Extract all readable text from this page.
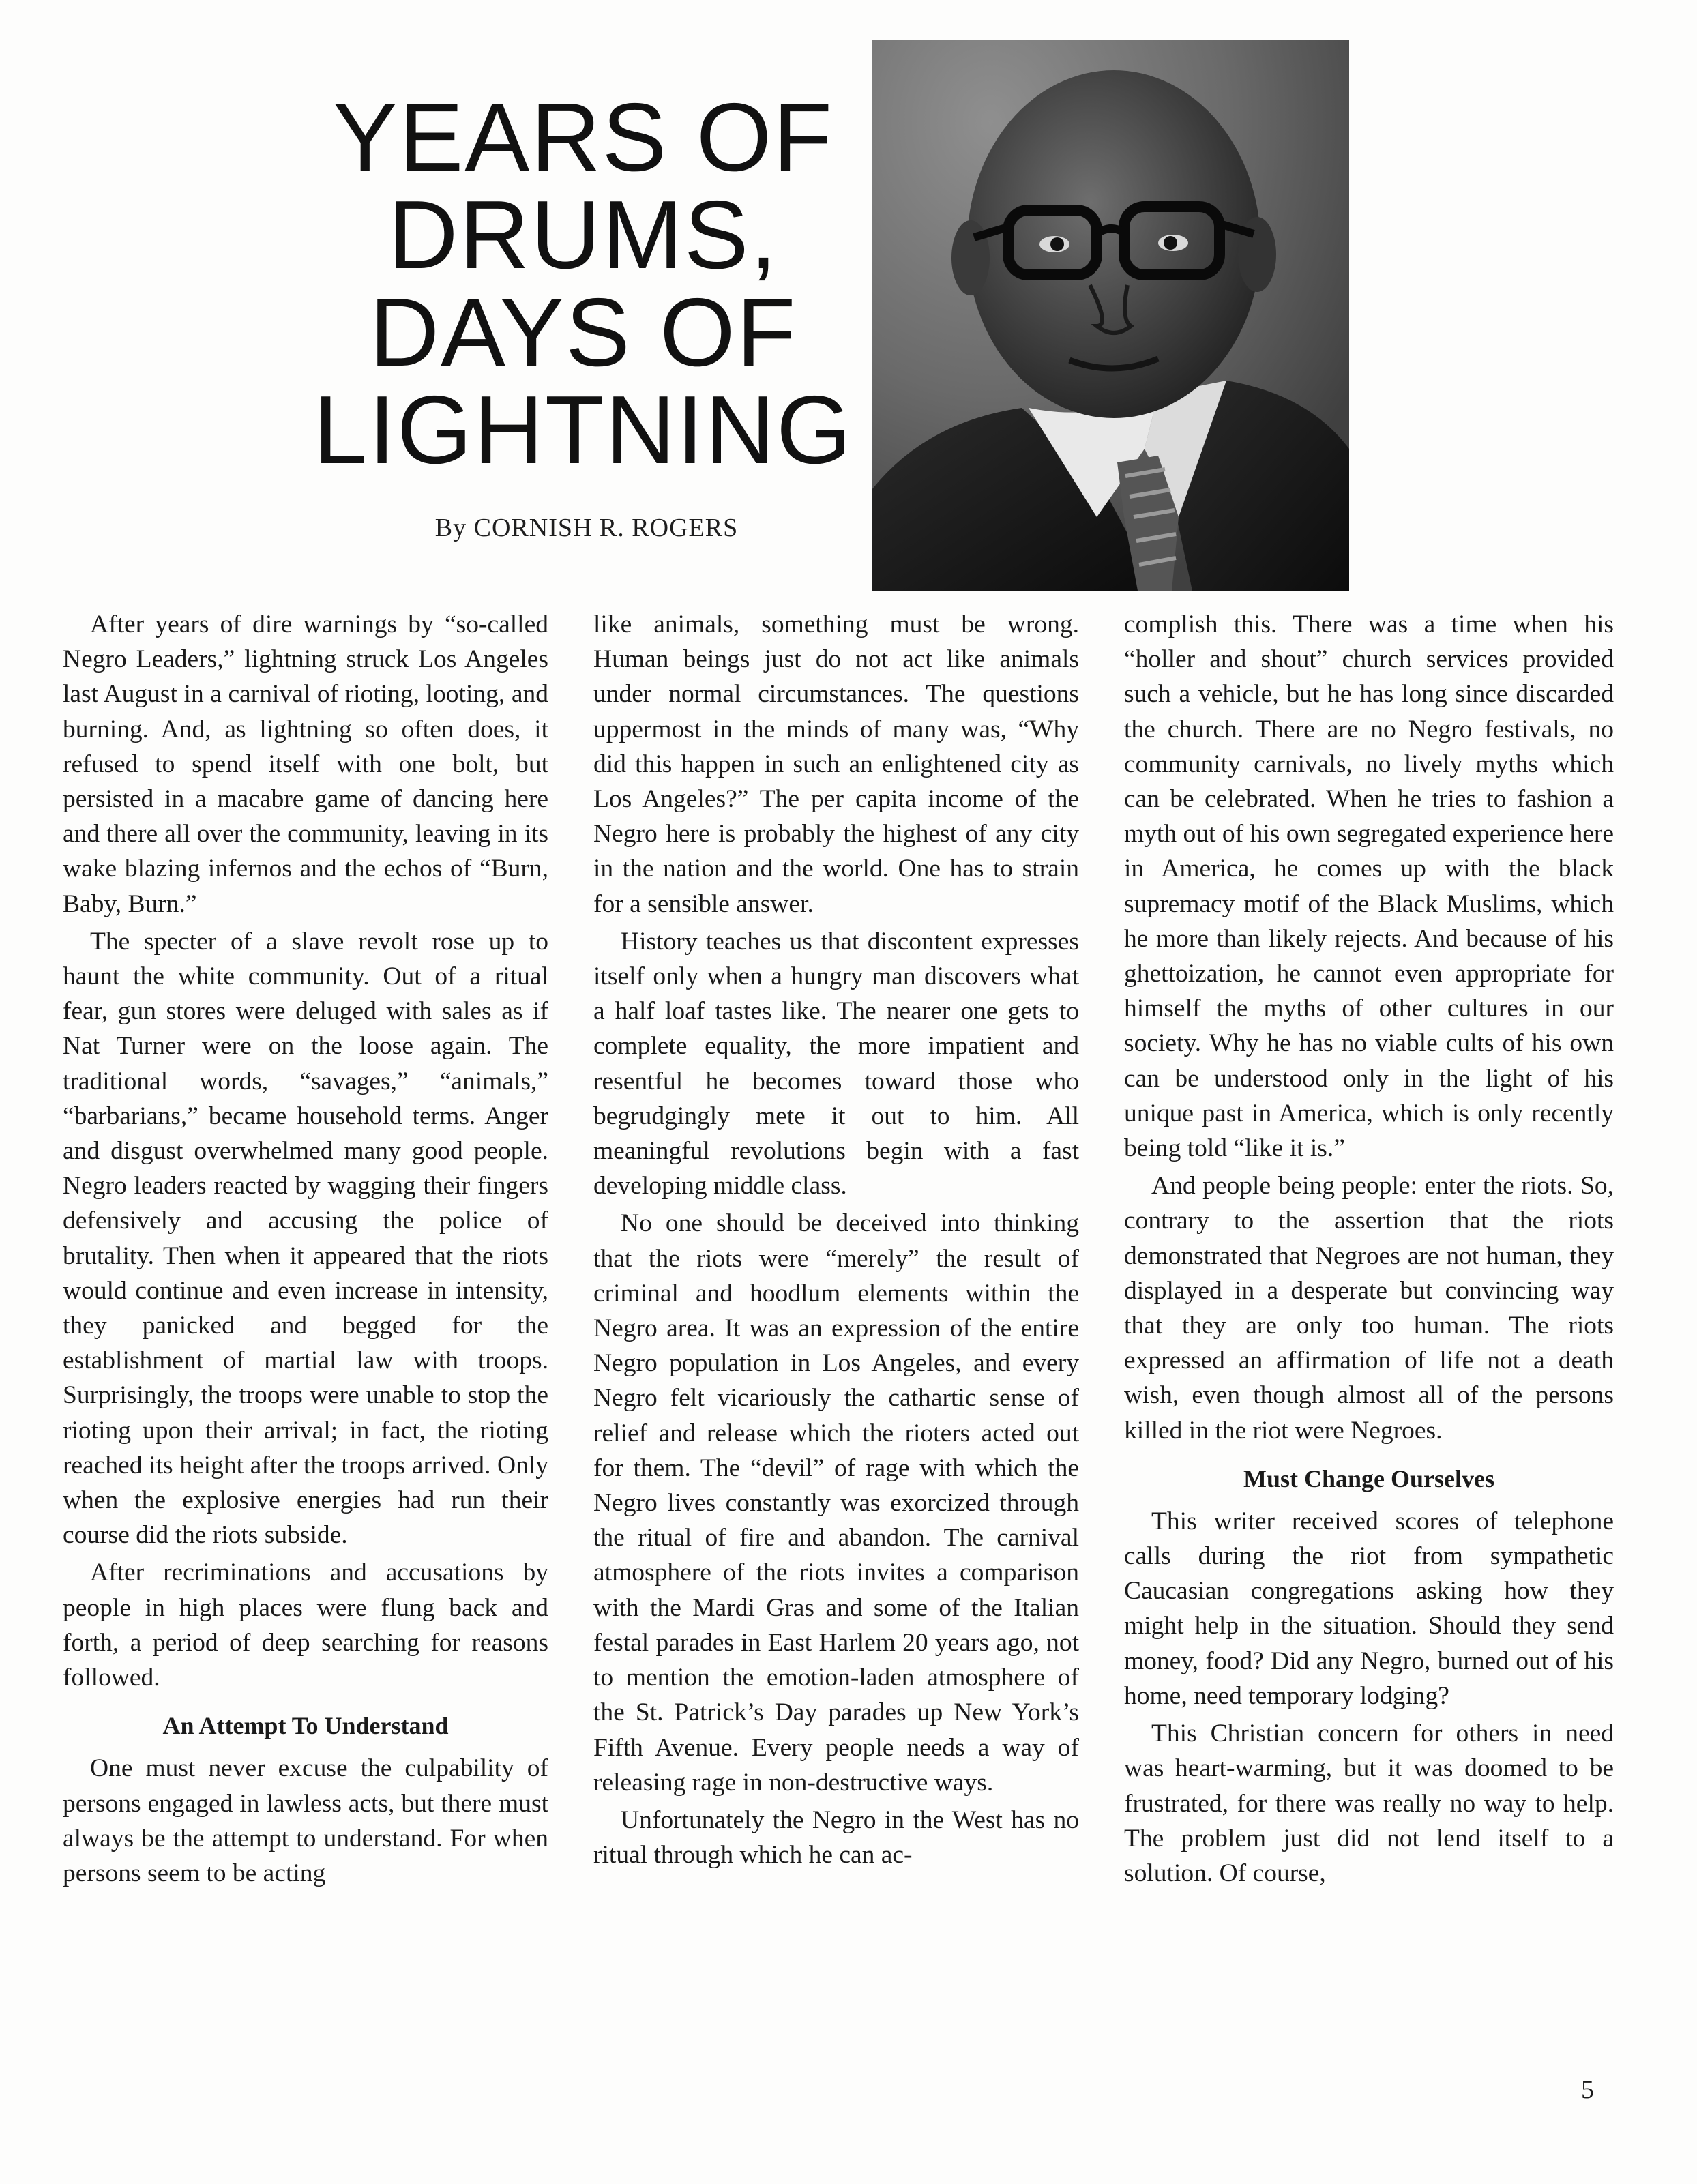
YEARS OF
DRUMS,
DAYS OF
LIGHTNING
By CORNISH R. ROGERS

After years of dire warnings by “so-called Negro Leaders,” lightning struck Los Angeles last August in a carnival of rioting, looting, and burning. And, as lightning so often does, it refused to spend itself with one bolt, but persisted in a macabre game of dancing here and there all over the community, leaving in its wake blazing infernos and the echos of “Burn, Baby, Burn.”

The specter of a slave revolt rose up to haunt the white community. Out of a ritual fear, gun stores were deluged with sales as if Nat Turner were on the loose again. The traditional words, “savages,” “animals,” “barbarians,” became household terms. Anger and disgust overwhelmed many good people. Negro leaders reacted by wagging their fingers defensively and accusing the police of brutality. Then when it appeared that the riots would continue and even increase in intensity, they panicked and begged for the establishment of martial law with troops. Surprisingly, the troops were unable to stop the rioting upon their arrival; in fact, the rioting reached its height after the troops arrived. Only when the explosive energies had run their course did the riots subside.

After recriminations and accusations by people in high places were flung back and forth, a period of deep searching for reasons followed.

An Attempt To Understand

One must never excuse the culpability of persons engaged in lawless acts, but there must always be the attempt to understand. For when persons seem to be acting

like animals, something must be wrong. Human beings just do not act like animals under normal circumstances. The questions uppermost in the minds of many was, “Why did this happen in such an enlightened city as Los Angeles?” The per capita income of the Negro here is probably the highest of any city in the nation and the world. One has to strain for a sensible answer.

History teaches us that discontent expresses itself only when a hungry man discovers what a half loaf tastes like. The nearer one gets to complete equality, the more impatient and resentful he becomes toward those who begrudgingly mete it out to him. All meaningful revolutions begin with a fast developing middle class.

No one should be deceived into thinking that the riots were “merely” the result of criminal and hoodlum elements within the Negro area. It was an expression of the entire Negro population in Los Angeles, and every Negro felt vicariously the cathartic sense of relief and release which the rioters acted out for them. The “devil” of rage with which the Negro lives constantly was exorcized through the ritual of fire and abandon. The carnival atmosphere of the riots invites a comparison with the Mardi Gras and some of the Italian festal parades in East Harlem 20 years ago, not to mention the emotion-laden atmosphere of the St. Patrick’s Day parades up New York’s Fifth Avenue. Every people needs a way of releasing rage in non-destructive ways.

Unfortunately the Negro in the West has no ritual through which he can ac-

complish this. There was a time when his “holler and shout” church services provided such a vehicle, but he has long since discarded the church. There are no Negro festivals, no community carnivals, no lively myths which can be celebrated. When he tries to fashion a myth out of his own segregated experience here in America, he comes up with the black supremacy motif of the Black Muslims, which he more than likely rejects. And because of his ghettoization, he cannot even appropriate for himself the myths of other cultures in our society. Why he has no viable cults of his own can be understood only in the light of his unique past in America, which is only recently being told “like it is.”

And people being people: enter the riots. So, contrary to the assertion that the riots demonstrated that Negroes are not human, they displayed in a desperate but convincing way that they are only too human. The riots expressed an affirmation of life not a death wish, even though almost all of the persons killed in the riot were Negroes.

Must Change Ourselves

This writer received scores of telephone calls during the riot from sympathetic Caucasian congregations asking how they might help in the situation. Should they send money, food? Did any Negro, burned out of his home, need temporary lodging?

This Christian concern for others in need was heart-warming, but it was doomed to be frustrated, for there was really no way to help. The problem just did not lend itself to a solution. Of course,

5
